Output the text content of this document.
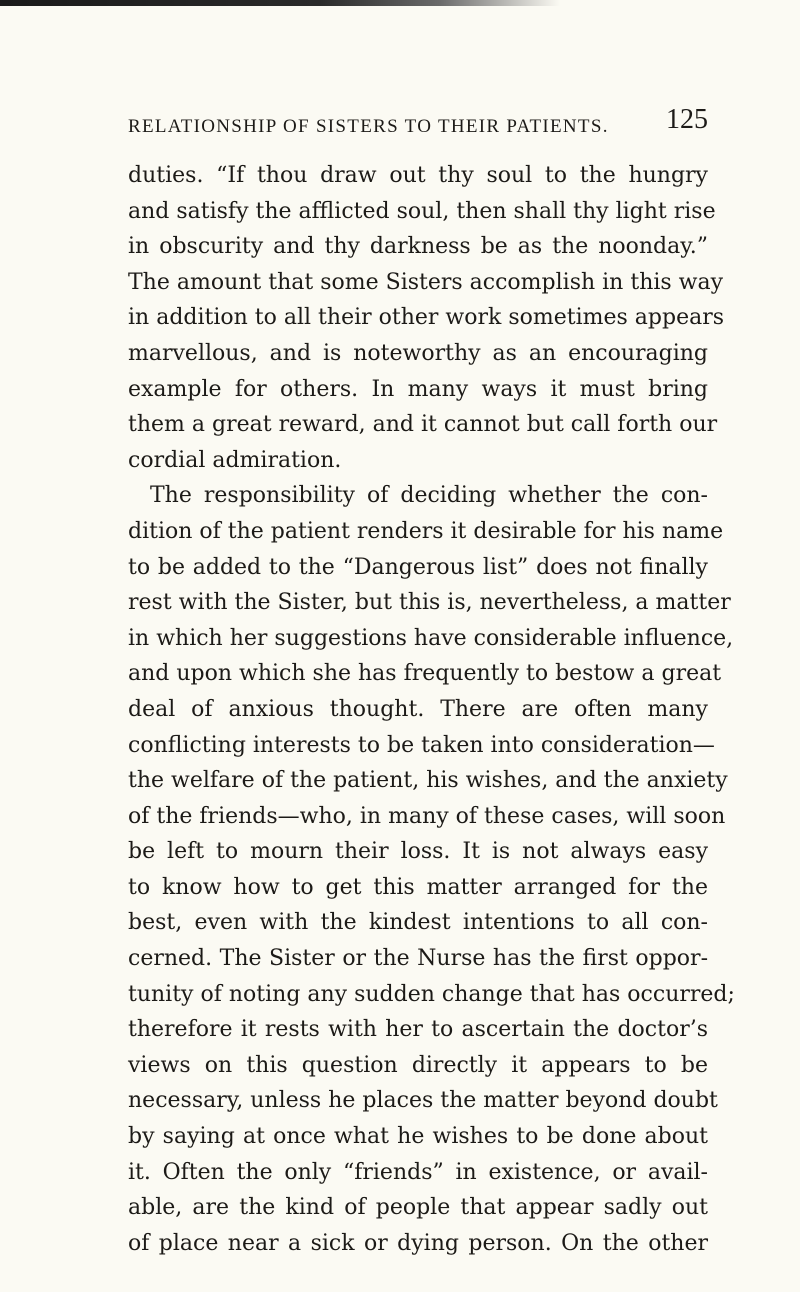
RELATIONSHIP OF SISTERS TO THEIR PATIENTS. 125
duties. “If thou draw out thy soul to the hungry
and satisfy the afflicted soul, then shall thy light rise
in obscurity and thy darkness be as the noonday.”
The amount that some Sisters accomplish in this way
in addition to all their other work sometimes appears
marvellous, and is noteworthy as an encouraging
example for others. In many ways it must bring
them a great reward, and it cannot but call forth our
cordial admiration.
The responsibility of deciding whether the con-
dition of the patient renders it desirable for his name
to be added to the “Dangerous list” does not finally
rest with the Sister, but this is, nevertheless, a matter
in which her suggestions have considerable influence,
and upon which she has frequently to bestow a great
deal of anxious thought. There are often many
conflicting interests to be taken into consideration—
the welfare of the patient, his wishes, and the anxiety
of the friends—who, in many of these cases, will soon
be left to mourn their loss. It is not always easy
to know how to get this matter arranged for the
best, even with the kindest intentions to all con-
cerned. The Sister or the Nurse has the first oppor-
tunity of noting any sudden change that has occurred;
therefore it rests with her to ascertain the doctor’s
views on this question directly it appears to be
necessary, unless he places the matter beyond doubt
by saying at once what he wishes to be done about
it. Often the only “friends” in existence, or avail-
able, are the kind of people that appear sadly out
of place near a sick or dying person. On the other
